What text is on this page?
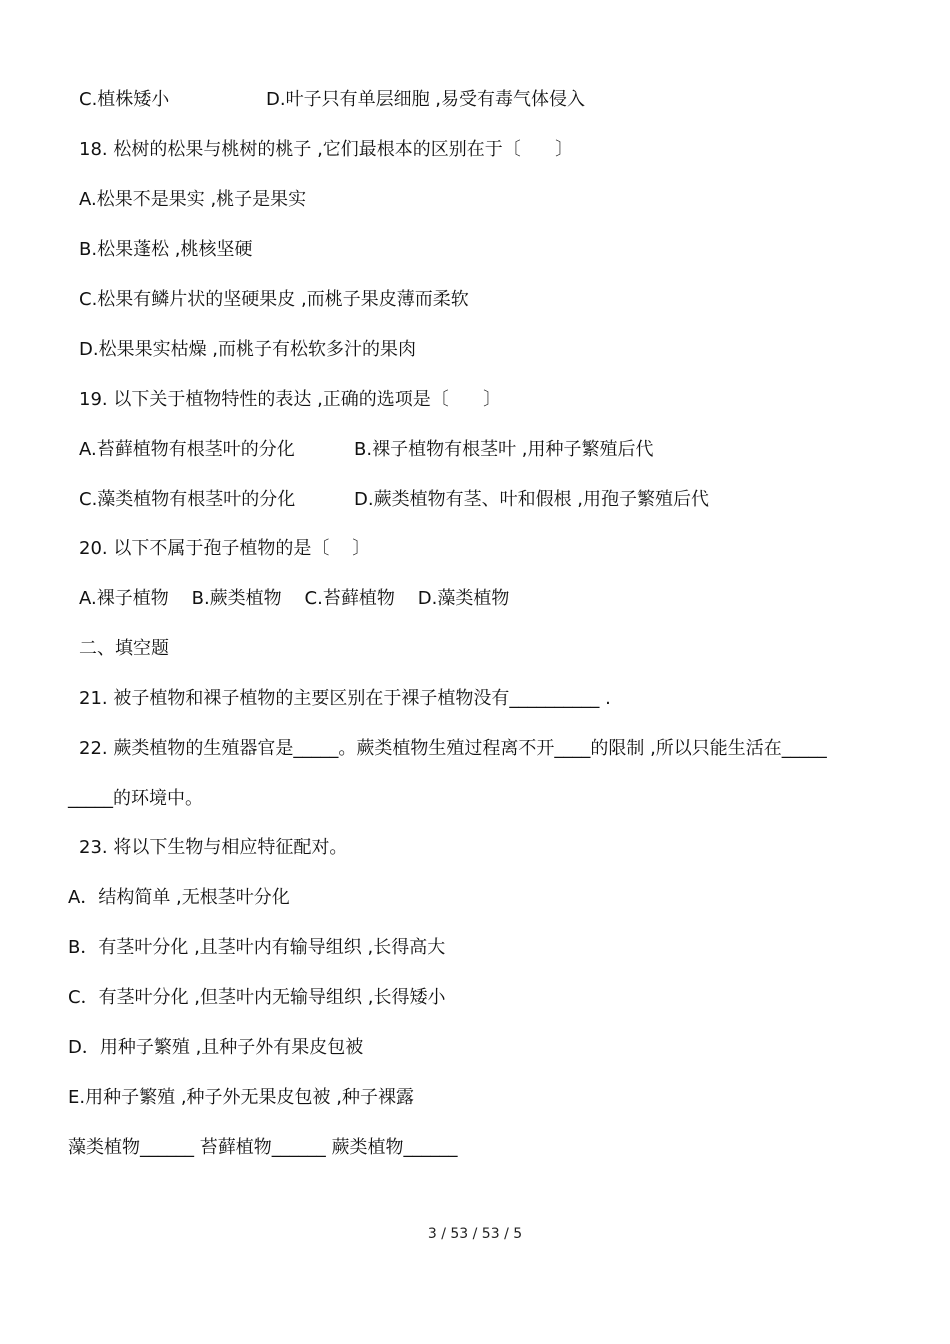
C.植株矮小	D.叶子只有单层细胞 ,易受有毒气体侵入
18. 松树的松果与桃树的桃子 ,它们最根本的区别在于〔      〕
A.松果不是果实 ,桃子是果实
B.松果蓬松 ,桃核坚硬
C.松果有鳞片状的坚硬果皮 ,而桃子果皮薄而柔软
D.松果果实枯燥 ,而桃子有松软多汁的果肉
19. 以下关于植物特性的表达 ,正确的选项是〔      〕
A.苔藓植物有根茎叶的分化	B.裸子植物有根茎叶 ,用种子繁殖后代
C.藻类植物有根茎叶的分化	D.蕨类植物有茎、叶和假根 ,用孢子繁殖后代
20. 以下不属于孢子植物的是〔    〕
A.裸子植物    B.蕨类植物    C.苔藓植物    D.藻类植物
二、填空题
21. 被子植物和裸子植物的主要区别在于裸子植物没有__________ .
22. 蕨类植物的生殖器官是_____。蕨类植物生殖过程离不开____的限制 ,所以只能生活在_____
_____的环境中。
23. 将以下生物与相应特征配对。
A．结构简单 ,无根茎叶分化
B．有茎叶分化 ,且茎叶内有输导组织 ,长得高大
C．有茎叶分化 ,但茎叶内无输导组织 ,长得矮小
D．用种子繁殖 ,且种子外有果皮包被
E.用种子繁殖 ,种子外无果皮包被 ,种子裸露
藻类植物______ 苔藓植物______ 蕨类植物______
3 / 53 / 53 / 5
